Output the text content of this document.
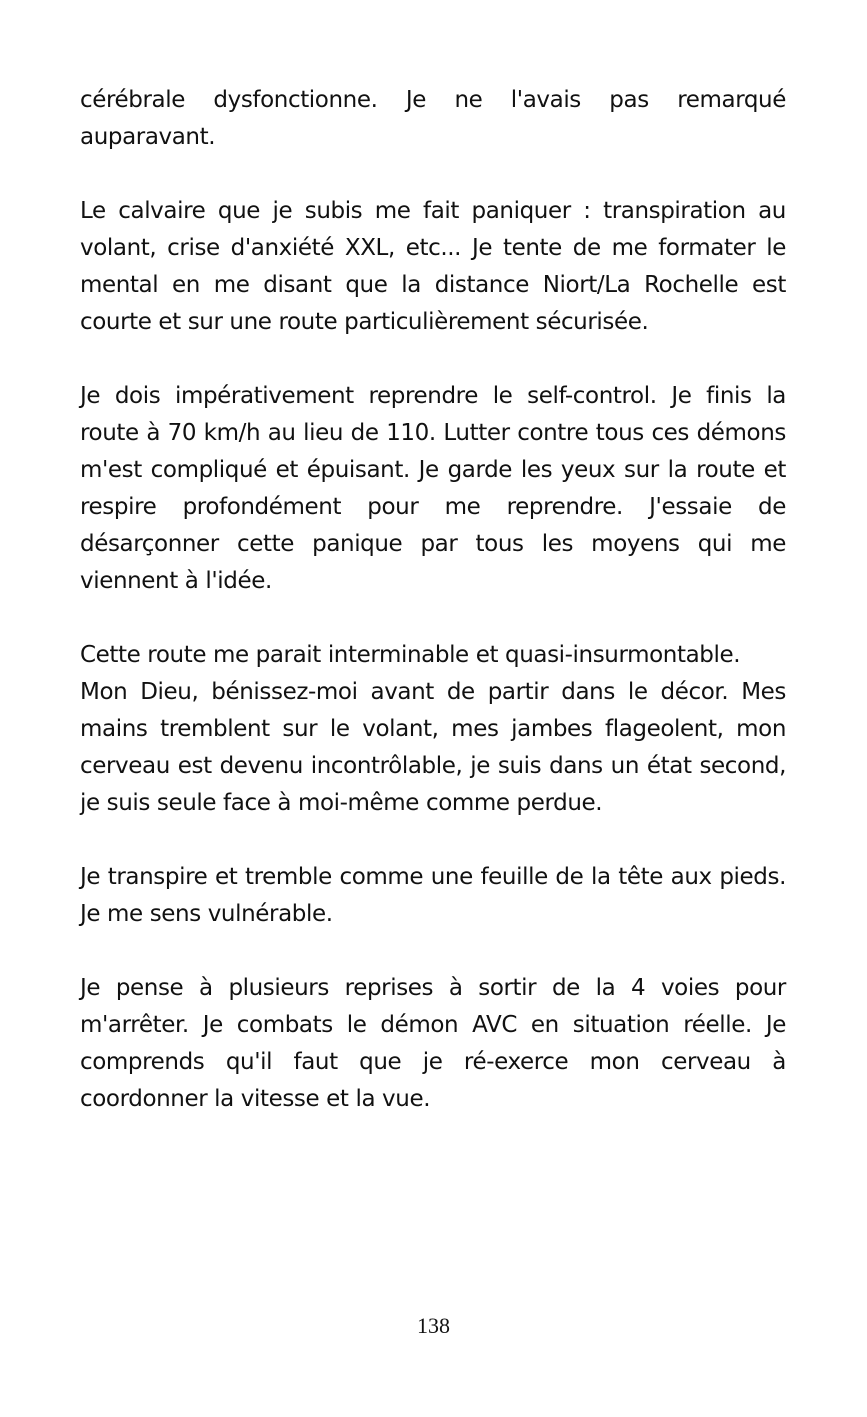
cérébrale dysfonctionne. Je ne l'avais pas remarqué auparavant.

Le calvaire que je subis me fait paniquer : transpiration au volant, crise d'anxiété XXL, etc... Je tente de me formater le mental en me disant que la distance Niort/La Rochelle est courte et sur une route particulièrement sécurisée.

Je dois impérativement reprendre le self-control. Je finis la route à 70 km/h au lieu de 110. Lutter contre tous ces démons m'est compliqué et épuisant. Je garde les yeux sur la route et respire profondément pour me reprendre. J'essaie de désarçonner cette panique par tous les moyens qui me viennent à l'idée.

Cette route me parait interminable et quasi-insurmontable.

Mon Dieu, bénissez-moi avant de partir dans le décor. Mes mains tremblent sur le volant, mes jambes flageolent, mon cerveau est devenu incontrôlable, je suis dans un état second, je suis seule face à moi-même comme perdue.

Je transpire et tremble comme une feuille de la tête aux pieds. Je me sens vulnérable.

Je pense à plusieurs reprises à sortir de la 4 voies pour m'arrêter. Je combats le démon AVC en situation réelle. Je comprends qu'il faut que je ré-exerce mon cerveau à coordonner la vitesse et la vue.

138
